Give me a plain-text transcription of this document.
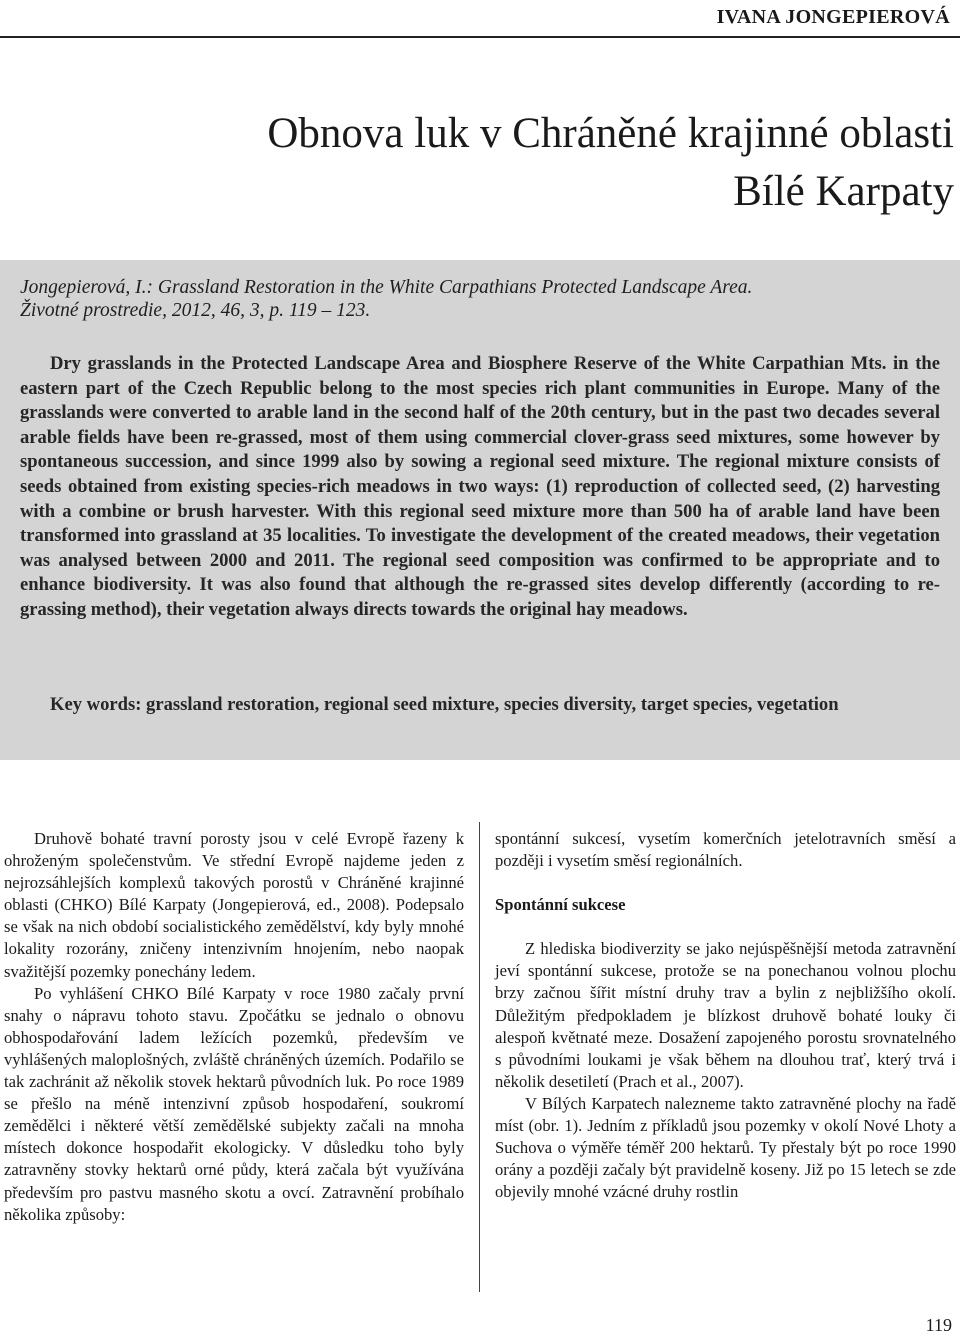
IVANA JONGEPIEROVÁ
Obnova luk v Chráněné krajinné oblasti
Bílé Karpaty
Jongepierová, I.: Grassland Restoration in the White Carpathians Protected Landscape Area.
Životné prostredie, 2012, 46, 3, p. 119 – 123.

Dry grasslands in the Protected Landscape Area and Biosphere Reserve of the White Carpathian Mts. in the eastern part of the Czech Republic belong to the most species rich plant communities in Europe. Many of the grasslands were converted to arable land in the second half of the 20th century, but in the past two decades several arable fields have been re-grassed, most of them using commercial clover-grass seed mixtures, some however by spontaneous succession, and since 1999 also by sowing a regional seed mixture. The regional mixture consists of seeds obtained from existing species-rich meadows in two ways: (1) reproduction of collected seed, (2) harvesting with a combine or brush harvester. With this regional seed mixture more than 500 ha of arable land have been transformed into grassland at 35 localities. To investigate the development of the created meadows, their vegetation was analysed between 2000 and 2011. The regional seed composition was confirmed to be appropriate and to enhance biodiversity. It was also found that although the re-grassed sites develop differently (according to re-grassing method), their vegetation always directs towards the original hay meadows.

Key words: grassland restoration, regional seed mixture, species diversity, target species, vegetation

Druhově bohaté travní porosty jsou v celé Evropě řazeny k ohroženým společenstvům. Ve střední Evropě najdeme jeden z nejrozsáhlejších komplexů takových porostů v Chráněné krajinné oblasti (CHKO) Bílé Karpaty (Jongepierová, ed., 2008). Podepsalo se však na nich období socialistického zemědělství, kdy byly mnohé lokality rozorány, zničeny intenzivním hnojením, nebo naopak svažitější pozemky ponechány ledem.

Po vyhlášení CHKO Bílé Karpaty v roce 1980 začaly první snahy o nápravu tohoto stavu. Zpočátku se jednalo o obnovu obhospodařování ladem ležících pozemků, především ve vyhlášených maloplošných, zvláště chráněných územích. Podařilo se tak zachránit až několik stovek hektarů původních luk. Po roce 1989 se přešlo na méně intenzivní způsob hospodaření, soukromí zemědělci i některé větší zemědělské subjekty začali na mnoha místech dokonce hospodařit ekologicky. V důsledku toho byly zatravněny stovky hektarů orné půdy, která začala být využívána především pro pastvu masného skotu a ovcí. Zatravnění probíhalo několika způsoby:

spontánní sukcesí, vysetím komerčních jetelotravních směsí a později i vysetím směsí regionálních.

Spontánní sukcese

Z hlediska biodiverzity se jako nejúspěšnější metoda zatravnění jeví spontánní sukcese, protože se na ponechanou volnou plochu brzy začnou šířit místní druhy trav a bylin z nejbližšího okolí. Důležitým předpokladem je blízkost druhově bohaté louky či alespoň květnaté meze. Dosažení zapojeného porostu srovnatelného s původními loukami je však během na dlouhou trať, který trvá i několik desetiletí (Prach et al., 2007).

V Bílých Karpatech nalezneme takto zatravněné plochy na řadě míst (obr. 1). Jedním z příkladů jsou pozemky v okolí Nové Lhoty a Suchova o výměře téměř 200 hektarů. Ty přestaly být po roce 1990 orány a později začaly být pravidelně koseny. Již po 15 letech se zde objevily mnohé vzácné druhy rostlin

119
